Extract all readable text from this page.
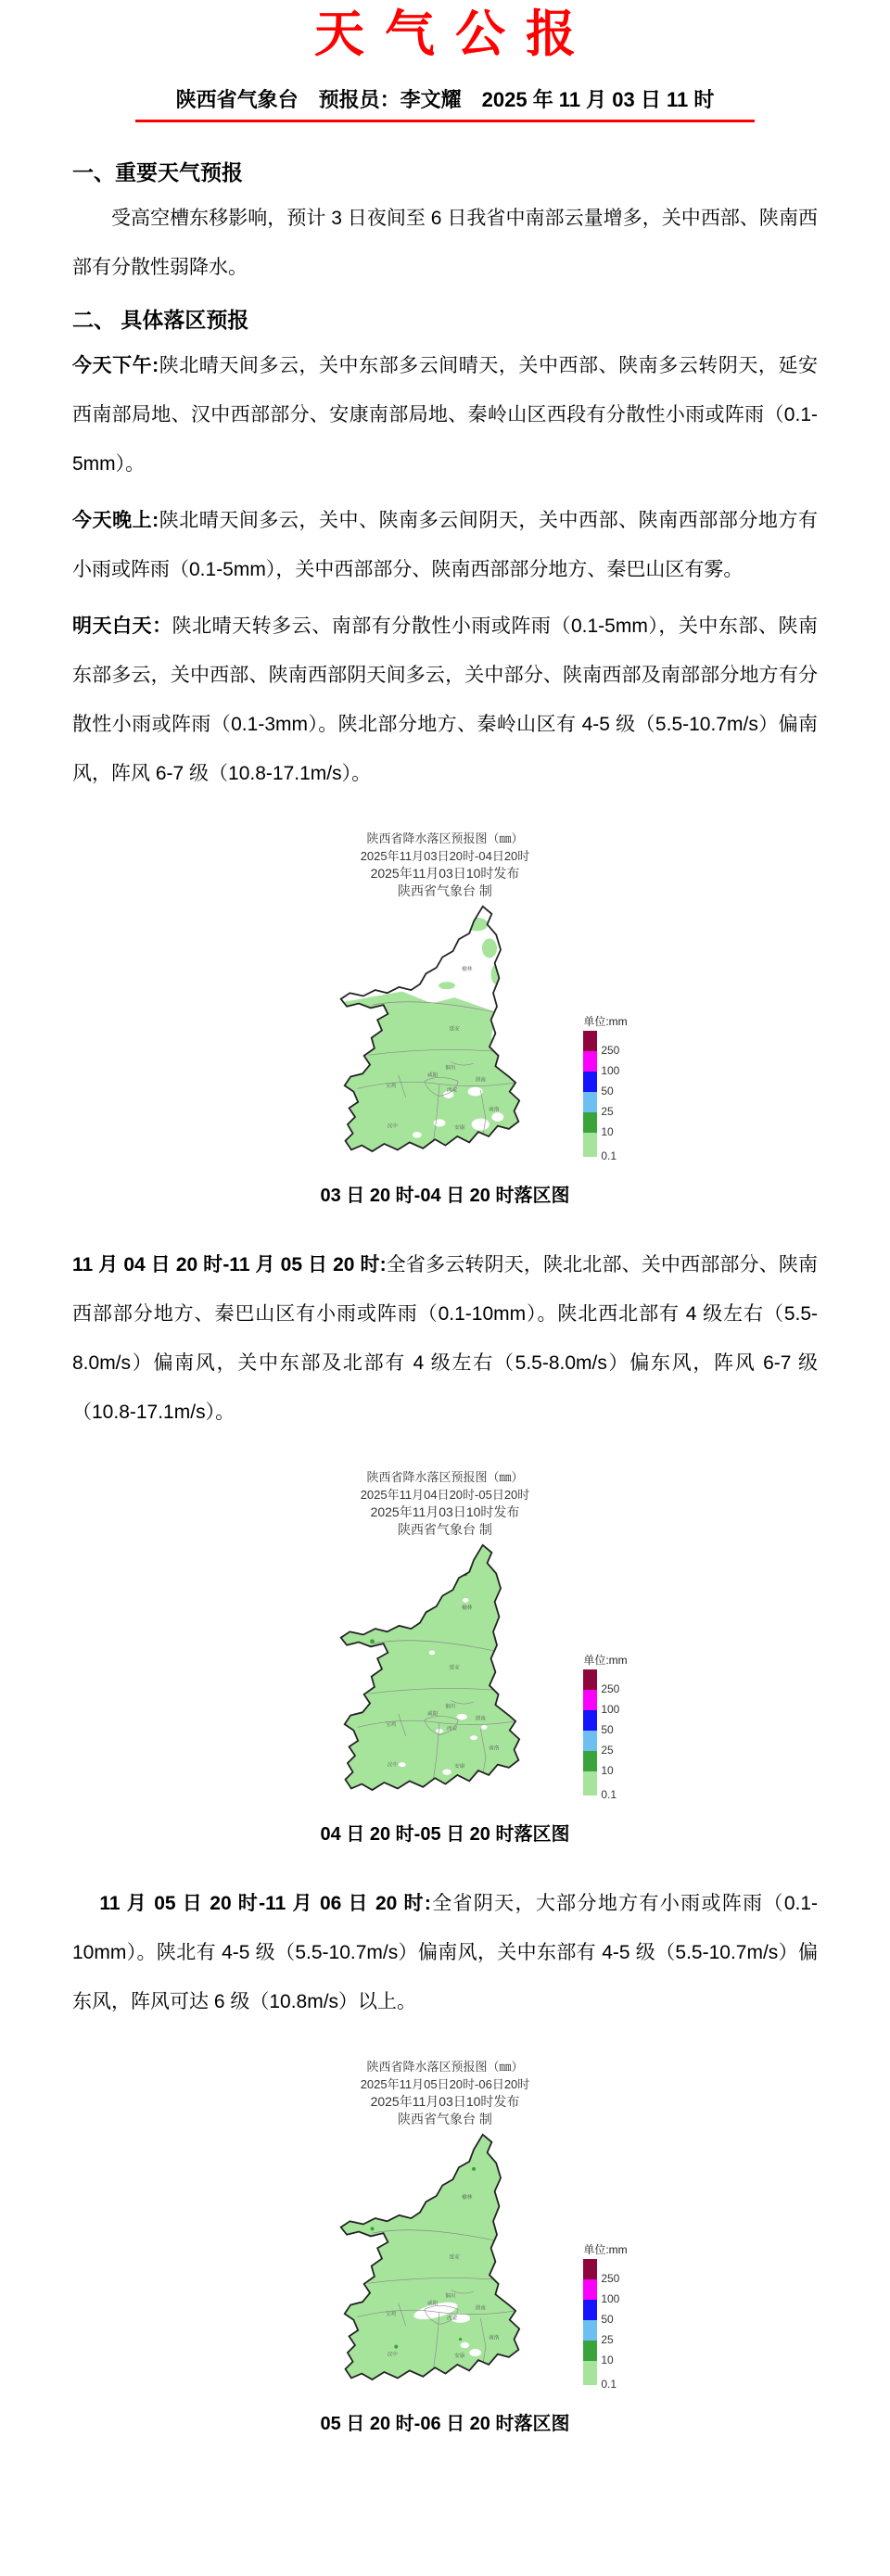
天气公报
陕西省气象台　预报员：李文耀　2025 年 11 月 03 日 11 时
一、重要天气预报

受高空槽东移影响，预计 3 日夜间至 6 日我省中南部云量增多，关中西部、陕南西部有分散性弱降水。

二、 具体落区预报

今天下午:陕北晴天间多云，关中东部多云间晴天，关中西部、陕南多云转阴天，延安西南部局地、汉中西部部分、安康南部局地、秦岭山区西段有分散性小雨或阵雨（0.1-5mm）。

今天晚上:陕北晴天间多云，关中、陕南多云间阴天，关中西部、陕南西部部分地方有小雨或阵雨（0.1-5mm），关中西部部分、陕南西部部分地方、秦巴山区有雾。

明天白天：陕北晴天转多云、南部有分散性小雨或阵雨（0.1-5mm），关中东部、陕南东部多云，关中西部、陕南西部阴天间多云，关中部分、陕南西部及南部部分地方有分散性小雨或阵雨（0.1-3mm）。陕北部分地方、秦岭山区有 4-5 级（5.5-10.7m/s）偏南风，阵风 6-7 级（10.8-17.1m/s）。

陕西省降水落区预报图（㎜）
2025年11月03日20时-04日20时
2025年11月03日10时发布
陕西省气象台 制
榆林
延安
铜川
渭南
咸阳
西安
宝鸡
商洛
汉中	安康
单位:mm
250
100
50
25
10
0.1
03 日 20 时-04 日 20 时落区图

11 月 04 日 20 时-11 月 05 日 20 时:全省多云转阴天，陕北北部、关中西部部分、陕南西部部分地方、秦巴山区有小雨或阵雨（0.1-10mm）。陕北西北部有 4 级左右（5.5-8.0m/s）偏南风，关中东部及北部有 4 级左右（5.5-8.0m/s）偏东风，阵风 6-7 级（10.8-17.1m/s）。

陕西省降水落区预报图（㎜）
2025年11月04日20时-05日20时
2025年11月03日10时发布
陕西省气象台 制
榆林
延安
铜川
渭南
咸阳
西安
宝鸡
商洛
汉中	安康
单位:mm
250
100
50
25
10
0.1
04 日 20 时-05 日 20 时落区图

11 月 05 日 20 时-11 月 06 日 20 时:全省阴天，大部分地方有小雨或阵雨（0.1-10mm）。陕北有 4-5 级（5.5-10.7m/s）偏南风，关中东部有 4-5 级（5.5-10.7m/s）偏东风，阵风可达 6 级（10.8m/s）以上。

陕西省降水落区预报图（㎜）
2025年11月05日20时-06日20时
2025年11月03日10时发布
陕西省气象台 制
榆林
延安
铜川
渭南
咸阳
西安
宝鸡
商洛
汉中	安康
单位:mm
250
100
50
25
10
0.1
05 日 20 时-06 日 20 时落区图
